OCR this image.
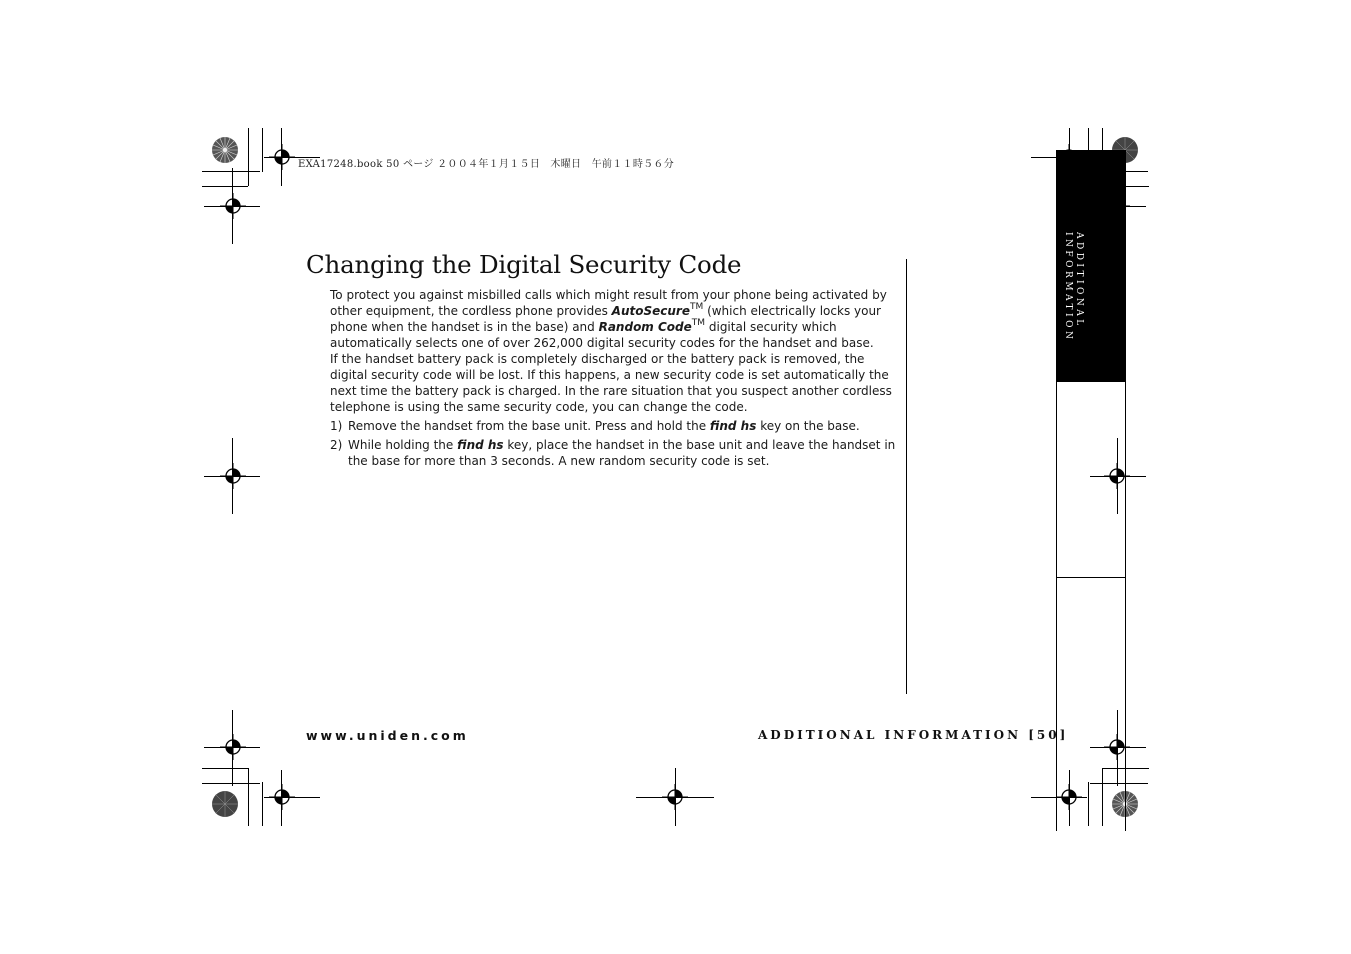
EXA17248.book 50 ページ ２００４年１月１５日　木曜日　午前１１時５６分
ADDITIONAL
INFORMATION
Changing the Digital Security Code

To protect you against misbilled calls which might result from your phone being activated by other equipment, the cordless phone provides AutoSecure™ (which electrically locks your phone when the handset is in the base) and Random Code™ digital security which automatically selects one of over 262,000 digital security codes for the handset and base.

If the handset battery pack is completely discharged or the battery pack is removed, the digital security code will be lost. If this happens, a new security code is set automatically the next time the battery pack is charged. In the rare situation that you suspect another cordless telephone is using the same security code, you can change the code.

1) Remove the handset from the base unit. Press and hold the find hs key on the base.
2) While holding the find hs key, place the handset in the base unit and leave the handset in the base for more than 3 seconds. A new random security code is set.
www.uniden.com	ADDITIONAL INFORMATION [50]
